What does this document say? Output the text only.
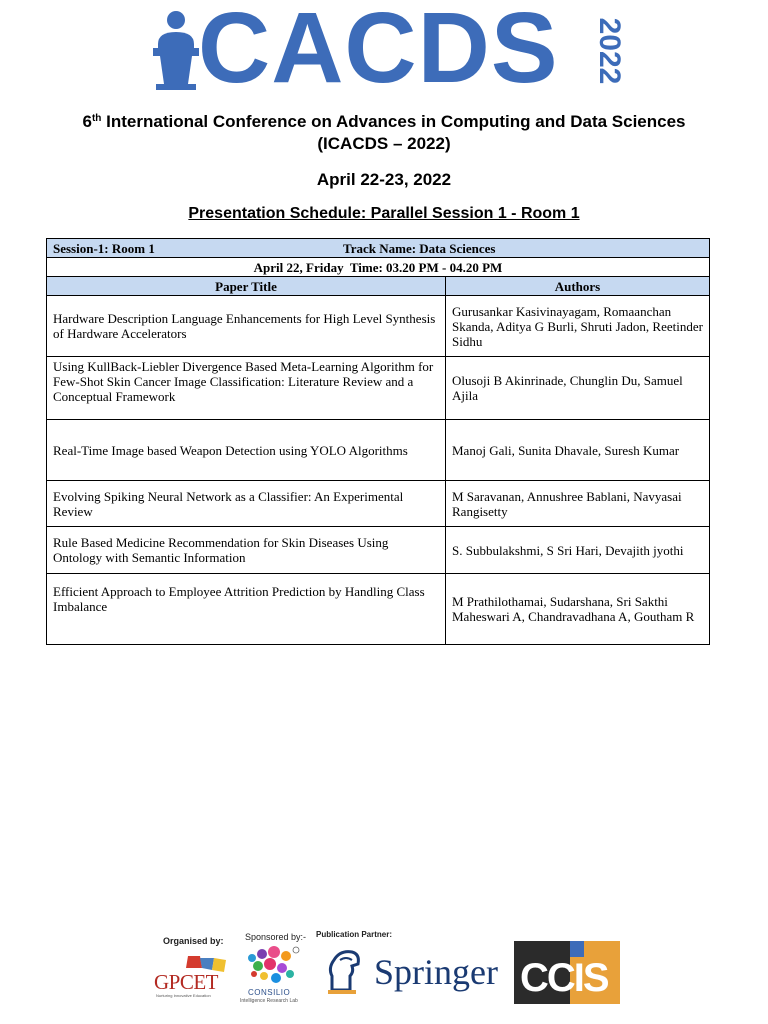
CACDS 2022
6th International Conference on Advances in Computing and Data Sciences
(ICACDS – 2022)
April 22-23, 2022
Presentation Schedule: Parallel Session 1 - Room 1
Session-1: Room 1 Track Name: Data Sciences	

April 22, Friday  Time: 03.20 PM - 04.20 PM	
Paper Title	Authors
Hardware Description Language Enhancements for High Level Synthesis of Hardware Accelerators	Gurusankar Kasivinayagam, Romaanchan Skanda, Aditya G Burli, Shruti Jadon, Reetinder Sidhu
Using KullBack-Liebler Divergence Based Meta-Learning Algorithm for Few-Shot Skin Cancer Image Classification: Literature Review and a Conceptual Framework	Olusoji B Akinrinade, Chunglin Du, Samuel Ajila
Real-Time Image based Weapon Detection using YOLO Algorithms	Manoj Gali, Sunita Dhavale, Suresh Kumar
Evolving Spiking Neural Network as a Classifier: An Experimental Review	M Saravanan, Annushree Bablani, Navyasai Rangisetty
Rule Based Medicine Recommendation for Skin Diseases Using Ontology with Semantic Information	S. Subbulakshmi, S Sri Hari, Devajith jyothi
Efficient Approach to Employee Attrition Prediction by Handling Class Imbalance	M Prathilothamai, Sudarshana, Sri Sakthi Maheswari A, Chandravadhana A, Goutham R
Organised by:
GPCET
Nurturing Innovative Education
Sponsored by:-
CONSILIO
Intelligence Research Lab
Publication Partner:
Springer CCIS
